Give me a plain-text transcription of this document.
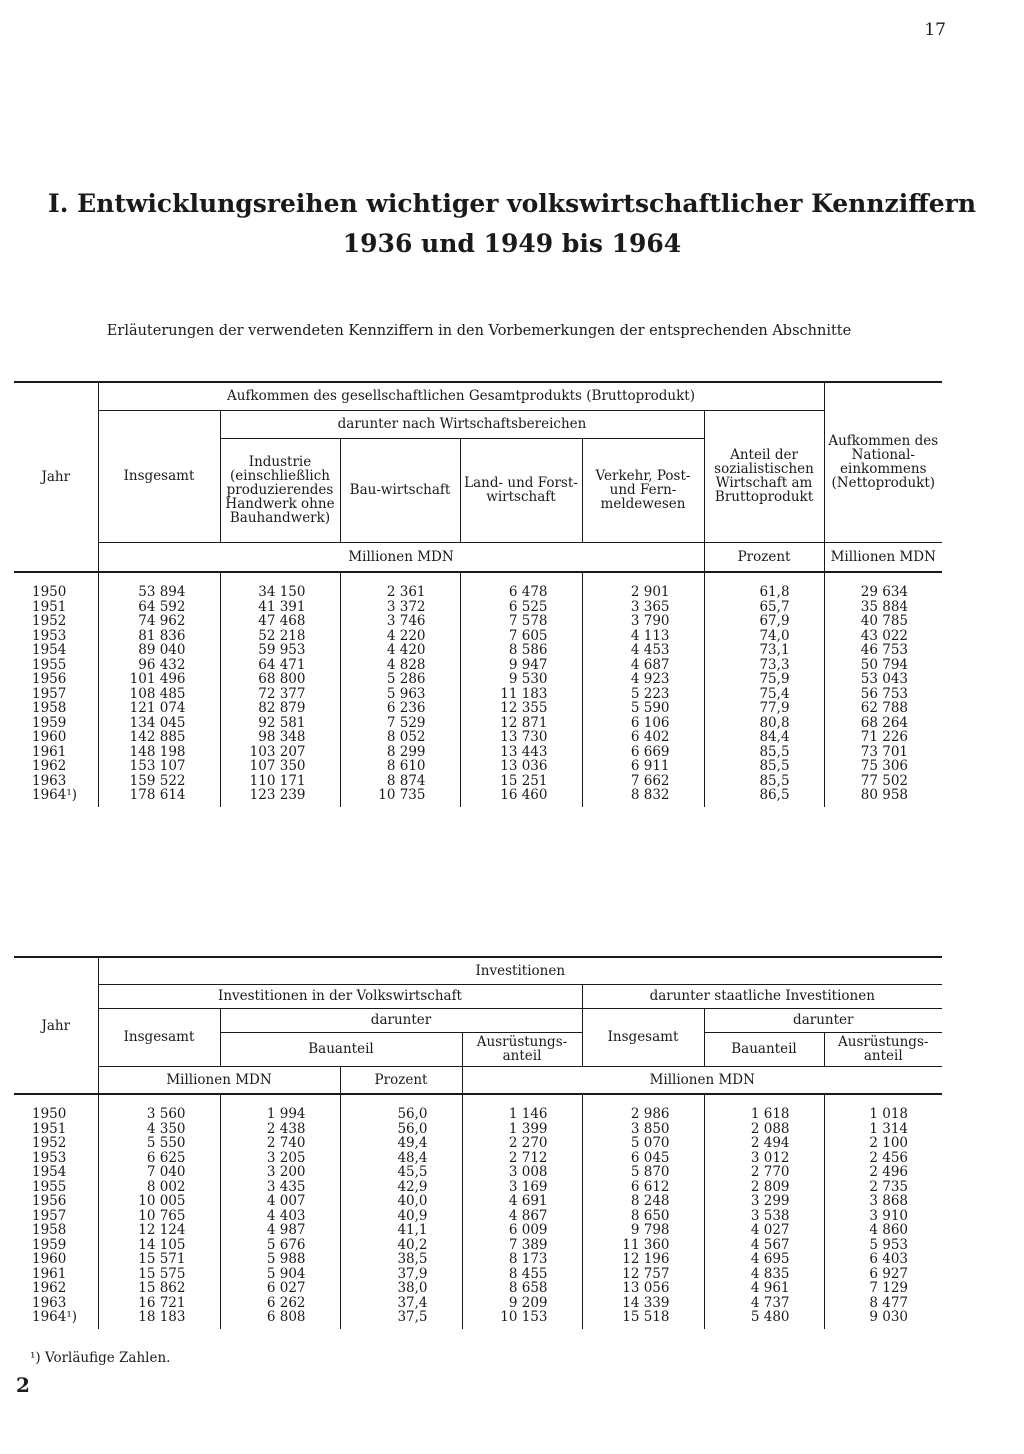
17
I. Entwicklungsreihen wichtiger volkswirtschaftlicher Kennziffern
1936 und 1949 bis 1964
Erläuterungen der verwendeten Kennziffern in den Vorbemerkungen der entsprechenden Abschnitte
Jahr	Aufkommen des gesellschaftlichen Gesamtprodukts (Bruttoprodukt)						Aufkommen des National-einkommens (Nettoprodukt)
	Insgesamt	darunter nach Wirtschaftsbereichen				Anteil der sozialistischen Wirtschaft am Bruttoprodukt	
		Industrie (einschließlich produzierendes Handwerk ohne Bauhandwerk)	Bau-wirtschaft	Land- und Forst-wirtschaft	Verkehr, Post- und Fern-meldewesen		
	Millionen MDN					Prozent	Millionen MDN
1950	53 894	34 150	2 361	6 478	2 901	61,8	29 634
1951	64 592	41 391	3 372	6 525	3 365	65,7	35 884
1952	74 962	47 468	3 746	7 578	3 790	67,9	40 785
1953	81 836	52 218	4 220	7 605	4 113	74,0	43 022
1954	89 040	59 953	4 420	8 586	4 453	73,1	46 753
1955	96 432	64 471	4 828	9 947	4 687	73,3	50 794
1956	101 496	68 800	5 286	9 530	4 923	75,9	53 043
1957	108 485	72 377	5 963	11 183	5 223	75,4	56 753
1958	121 074	82 879	6 236	12 355	5 590	77,9	62 788
1959	134 045	92 581	7 529	12 871	6 106	80,8	68 264
1960	142 885	98 348	8 052	13 730	6 402	84,4	71 226
1961	148 198	103 207	8 299	13 443	6 669	85,5	73 701
1962	153 107	107 350	8 610	13 036	6 911	85,5	75 306
1963	159 522	110 171	8 874	15 251	7 662	85,5	77 502
1964¹)	178 614	123 239	10 735	16 460	8 832	86,5	80 958
Jahr	Investitionen						
	Investitionen in der Volkswirtschaft				darunter staatliche Investitionen		
	Insgesamt	darunter			Insgesamt	darunter	
		Bauanteil		Ausrüstungs-anteil		Bauanteil	Ausrüstungs-anteil
	Millionen MDN		Prozent	Millionen MDN			
1950	3 560	1 994	56,0	1 146	2 986	1 618	1 018
1951	4 350	2 438	56,0	1 399	3 850	2 088	1 314
1952	5 550	2 740	49,4	2 270	5 070	2 494	2 100
1953	6 625	3 205	48,4	2 712	6 045	3 012	2 456
1954	7 040	3 200	45,5	3 008	5 870	2 770	2 496
1955	8 002	3 435	42,9	3 169	6 612	2 809	2 735
1956	10 005	4 007	40,0	4 691	8 248	3 299	3 868
1957	10 765	4 403	40,9	4 867	8 650	3 538	3 910
1958	12 124	4 987	41,1	6 009	9 798	4 027	4 860
1959	14 105	5 676	40,2	7 389	11 360	4 567	5 953
1960	15 571	5 988	38,5	8 173	12 196	4 695	6 403
1961	15 575	5 904	37,9	8 455	12 757	4 835	6 927
1962	15 862	6 027	38,0	8 658	13 056	4 961	7 129
1963	16 721	6 262	37,4	9 209	14 339	4 737	8 477
1964¹)	18 183	6 808	37,5	10 153	15 518	5 480	9 030
¹) Vorläufige Zahlen.
2
